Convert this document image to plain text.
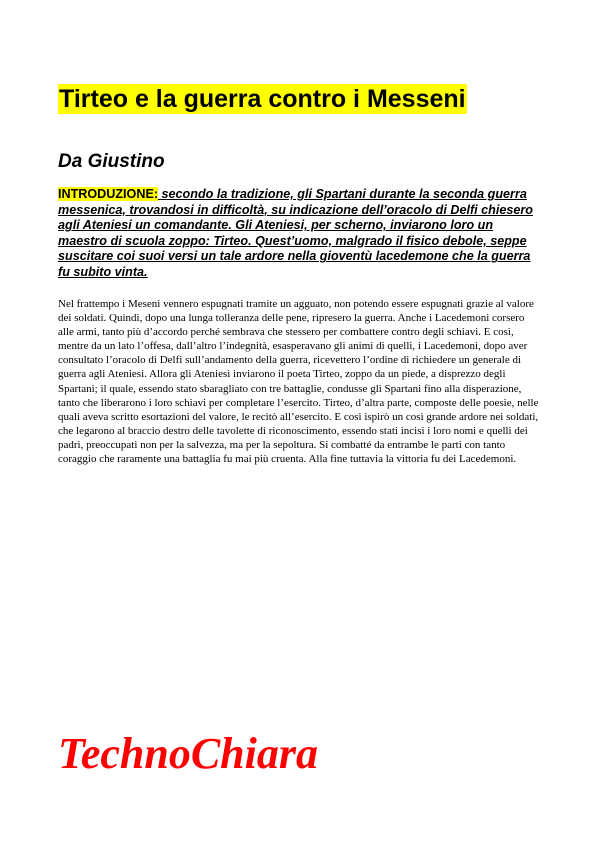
Tirteo e la guerra contro i Messeni
Da Giustino
INTRODUZIONE: secondo la tradizione, gli Spartani durante la seconda guerra messenica, trovandosi in difficoltà, su indicazione dell’oracolo di Delfi chiesero agli Ateniesi un comandante. Gli Ateniesi, per scherno, inviarono loro un maestro di scuola zoppo: Tirteo. Quest’uomo, malgrado il fisico debole, seppe suscitare coi suoi versi un tale ardore nella gioventù lacedemone che la guerra fu subito vinta.
Nel frattempo i Meseni vennero espugnati tramite un agguato, non potendo essere espugnati grazie al valore dei soldati. Quindi, dopo una lunga tolleranza delle pene, ripresero la guerra. Anche i Lacedemoni corsero alle armi, tanto più d’accordo perché sembrava che stessero per combattere contro degli schiavi. E così, mentre da un lato l’offesa, dall’altro l’indegnità, esasperavano gli animi di quelli, i Lacedemoni, dopo aver consultato l’oracolo di Delfi sull’andamento della guerra, ricevettero l’ordine di richiedere un generale di guerra agli Ateniesi. Allora gli Ateniesi inviarono il poeta Tirteo, zoppo da un piede, a disprezzo degli Spartani; il quale, essendo stato sbaragliato con tre battaglie, condusse gli Spartani fino alla disperazione, tanto che liberarono i loro schiavi per completare l’esercito. Tirteo, d’altra parte, composte delle poesie, nelle quali aveva scritto esortazioni del valore, le recitò all’esercito. E così ispirò un così grande ardore nei soldati, che legarono al braccio destro delle tavolette di riconoscimento, essendo stati incisi i loro nomi e quelli dei padri, preoccupati non per la salvezza, ma per la sepoltura. Si combatté da entrambe le parti con tanto coraggio che raramente una battaglia fu mai più cruenta. Alla fine tuttavia la vittoria fu dei Lacedemoni.
TechnoChiara
